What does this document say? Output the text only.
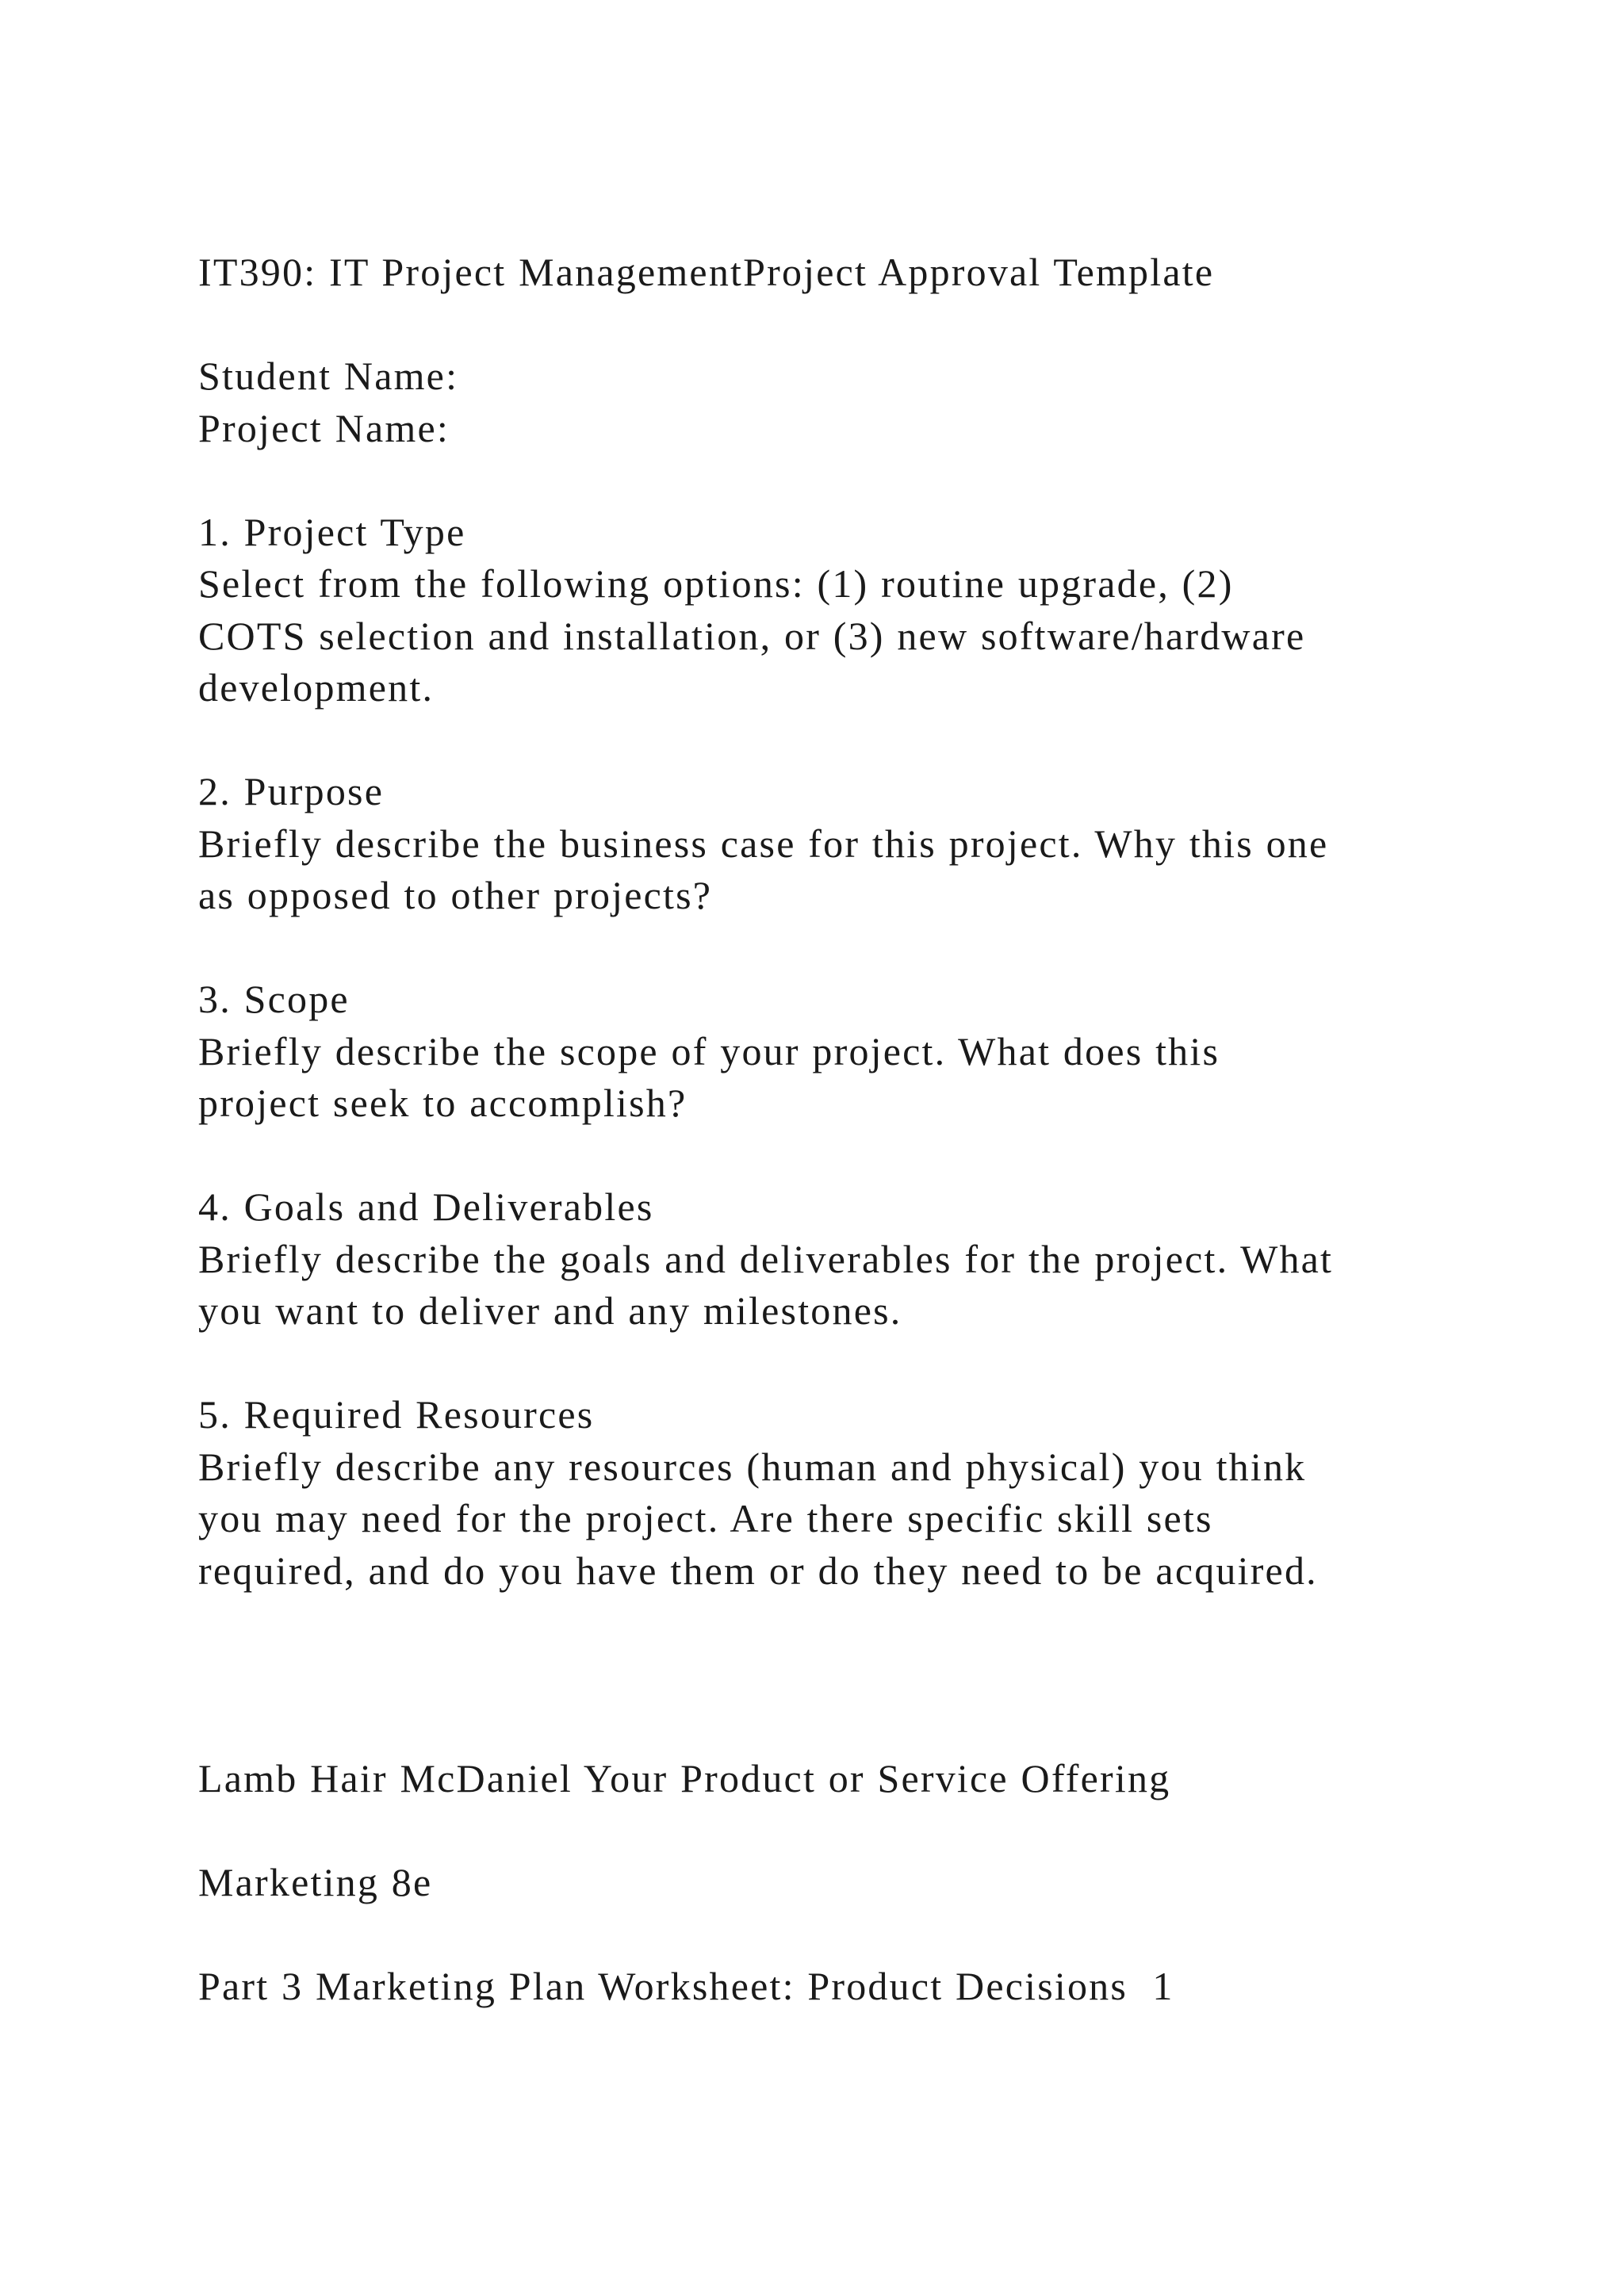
IT390: IT Project ManagementProject Approval Template
Student Name:
Project Name:
1. Project Type
Select from the following options: (1) routine upgrade, (2)
COTS selection and installation, or (3) new software/hardware
development.
2. Purpose
Briefly describe the business case for this project. Why this one
as opposed to other projects?
3. Scope
Briefly describe the scope of your project. What does this
project seek to accomplish?
4. Goals and Deliverables
Briefly describe the goals and deliverables for the project. What
you want to deliver and any milestones.
5. Required Resources
Briefly describe any resources (human and physical) you think
you may need for the project. Are there specific skill sets
required, and do you have them or do they need to be acquired.
Lamb Hair McDaniel Your Product or Service Offering
Marketing 8e
Part 3 Marketing Plan Worksheet: Product Decisions  1
